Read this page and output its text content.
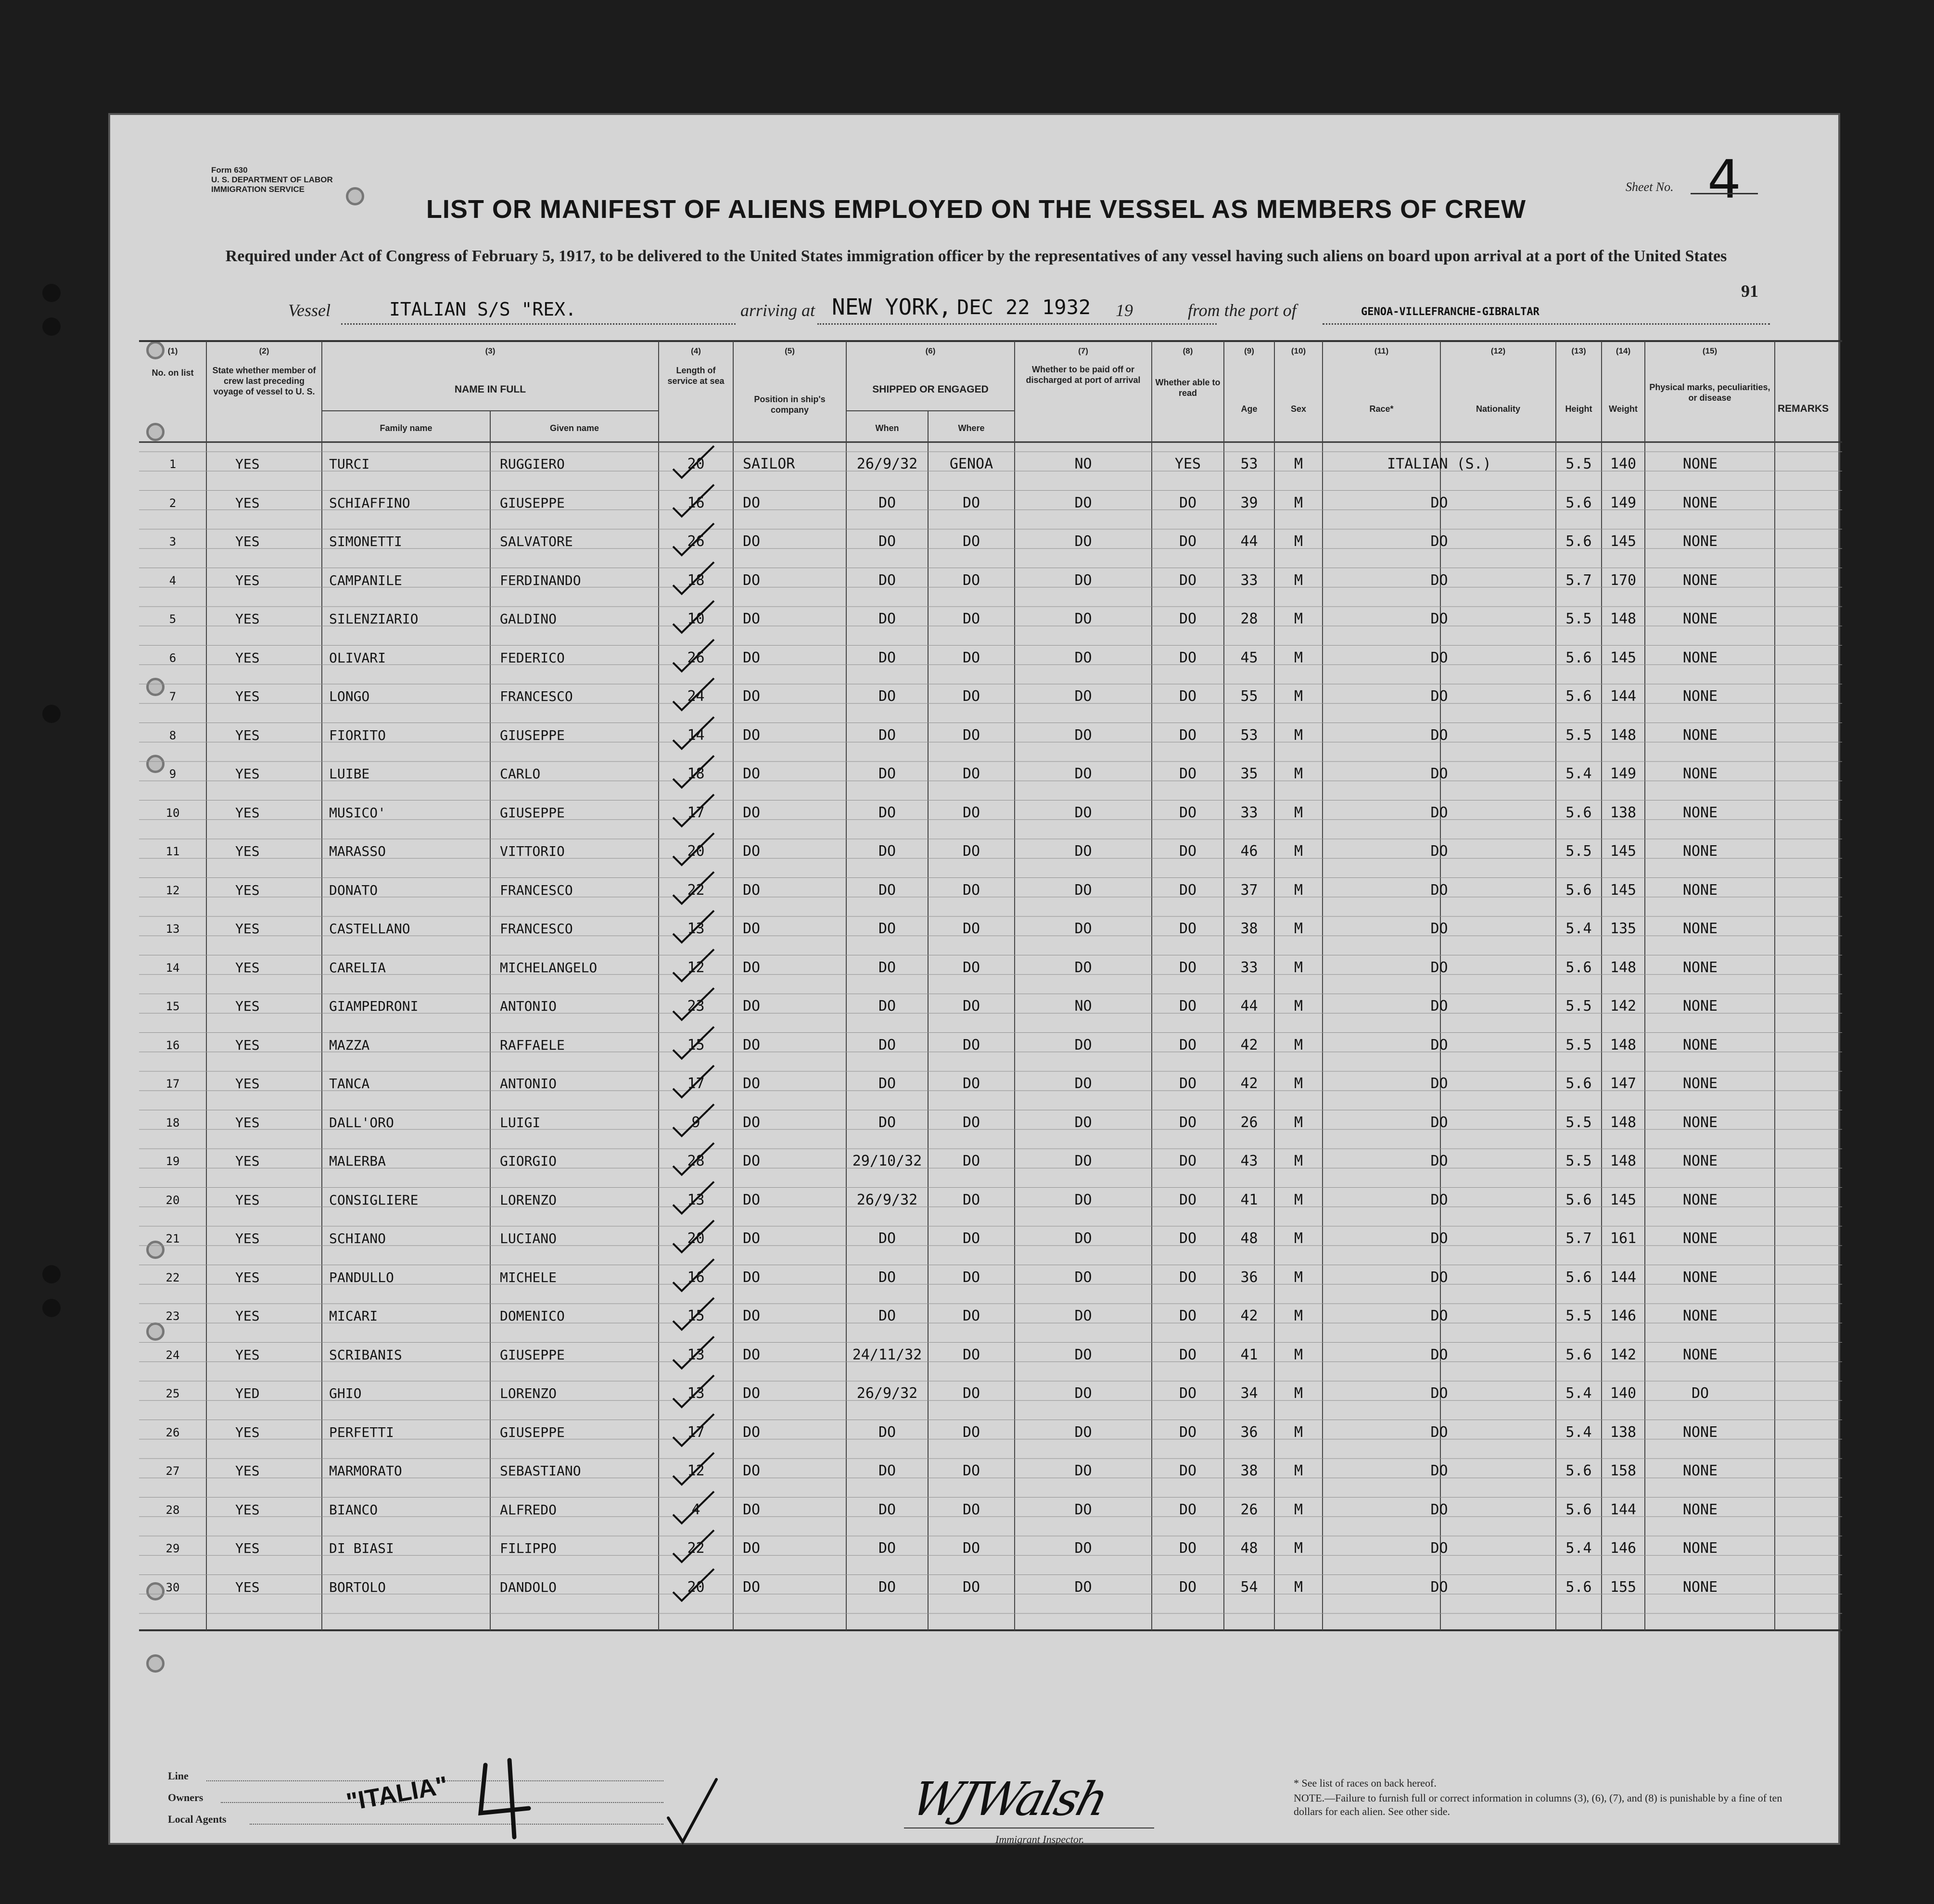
Form 630
U. S. DEPARTMENT OF LABOR
IMMIGRATION SERVICE	Sheet No. 4
LIST OR MANIFEST OF ALIENS EMPLOYED ON THE VESSEL AS MEMBERS OF CREW
Required under Act of Congress of February 5, 1917, to be delivered to the United States immigration officer by the representatives of any vessel having such aliens on board upon arrival at a port of the United States
91
Vessel	ITALIAN S/S "REX.	arriving at NEW YORK, DEC 22 1932 19	from the port of	GENOA-VILLEFRANCHE-GIBRALTAR
(1)
No. on list
(2)
State whether member of crew last preceding voyage of vessel to U. S.
(3)
NAME IN FULL
(4)
Length of service at sea
(5)
Position in ship's company
(6)
SHIPPED OR ENGAGED
(7)
Whether to be paid off or discharged at port of arrival
(8)
Whether able to read
(9)
Age
(10)
Sex
(11)
Race*
(12)
Nationality
(13)
Height
(14)
Weight
(15)
Physical marks, peculiarities, or disease
REMARKS
Family name	Given name	When	Where
1	YES	TURCI	RUGGIERO	20	SAILOR	26/9/32	GENOA	NO	YES	53	M	ITALIAN (S.)	5.5	140	NONE
2	YES	SCHIAFFINO	GIUSEPPE	16	DO	DO	DO	DO	DO	39	M	DO	5.6	149	NONE
3	YES	SIMONETTI	SALVATORE	26	DO	DO	DO	DO	DO	44	M	DO	5.6	145	NONE
4	YES	CAMPANILE	FERDINANDO	18	DO	DO	DO	DO	DO	33	M	DO	5.7	170	NONE
5	YES	SILENZIARIO	GALDINO	10	DO	DO	DO	DO	DO	28	M	DO	5.5	148	NONE
6	YES	OLIVARI	FEDERICO	26	DO	DO	DO	DO	DO	45	M	DO	5.6	145	NONE
7	YES	LONGO	FRANCESCO	24	DO	DO	DO	DO	DO	55	M	DO	5.6	144	NONE
8	YES	FIORITO	GIUSEPPE	14	DO	DO	DO	DO	DO	53	M	DO	5.5	148	NONE
9	YES	LUIBE	CARLO	18	DO	DO	DO	DO	DO	35	M	DO	5.4	149	NONE
10	YES	MUSICO'	GIUSEPPE	17	DO	DO	DO	DO	DO	33	M	DO	5.6	138	NONE
11	YES	MARASSO	VITTORIO	20	DO	DO	DO	DO	DO	46	M	DO	5.5	145	NONE
12	YES	DONATO	FRANCESCO	22	DO	DO	DO	DO	DO	37	M	DO	5.6	145	NONE
13	YES	CASTELLANO	FRANCESCO	13	DO	DO	DO	DO	DO	38	M	DO	5.4	135	NONE
14	YES	CARELIA	MICHELANGELO	12	DO	DO	DO	DO	DO	33	M	DO	5.6	148	NONE
15	YES	GIAMPEDRONI	ANTONIO	23	DO	DO	DO	NO	DO	44	M	DO	5.5	142	NONE
16	YES	MAZZA	RAFFAELE	15	DO	DO	DO	DO	DO	42	M	DO	5.5	148	NONE
17	YES	TANCA	ANTONIO	17	DO	DO	DO	DO	DO	42	M	DO	5.6	147	NONE
18	YES	DALL'ORO	LUIGI	9	DO	DO	DO	DO	DO	26	M	DO	5.5	148	NONE
19	YES	MALERBA	GIORGIO	28	DO	29/10/32	DO	DO	DO	43	M	DO	5.5	148	NONE
20	YES	CONSIGLIERE	LORENZO	13	DO	26/9/32	DO	DO	DO	41	M	DO	5.6	145	NONE
21	YES	SCHIANO	LUCIANO	20	DO	DO	DO	DO	DO	48	M	DO	5.7	161	NONE
22	YES	PANDULLO	MICHELE	16	DO	DO	DO	DO	DO	36	M	DO	5.6	144	NONE
23	YES	MICARI	DOMENICO	15	DO	DO	DO	DO	DO	42	M	DO	5.5	146	NONE
24	YES	SCRIBANIS	GIUSEPPE	13	DO	24/11/32	DO	DO	DO	41	M	DO	5.6	142	NONE
25	YED	GHIO	LORENZO	13	DO	26/9/32	DO	DO	DO	34	M	DO	5.4	140	DO
26	YES	PERFETTI	GIUSEPPE	17	DO	DO	DO	DO	DO	36	M	DO	5.4	138	NONE
27	YES	MARMORATO	SEBASTIANO	12	DO	DO	DO	DO	DO	38	M	DO	5.6	158	NONE
28	YES	BIANCO	ALFREDO	4	DO	DO	DO	DO	DO	26	M	DO	5.6	144	NONE
29	YES	DI BIASI	FILIPPO	22	DO	DO	DO	DO	DO	48	M	DO	5.4	146	NONE
30	YES	BORTOLO	DANDOLO	20	DO	DO	DO	DO	DO	54	M	DO	5.6	155	NONE
Line
Owners
Local Agents
"ITALIA"	WJWalsh
Immigrant Inspector.
* See list of races on back hereof.
NOTE.—Failure to furnish full or correct information in columns (3), (6), (7), and (8) is punishable by a fine of ten dollars for each alien. See other side.
